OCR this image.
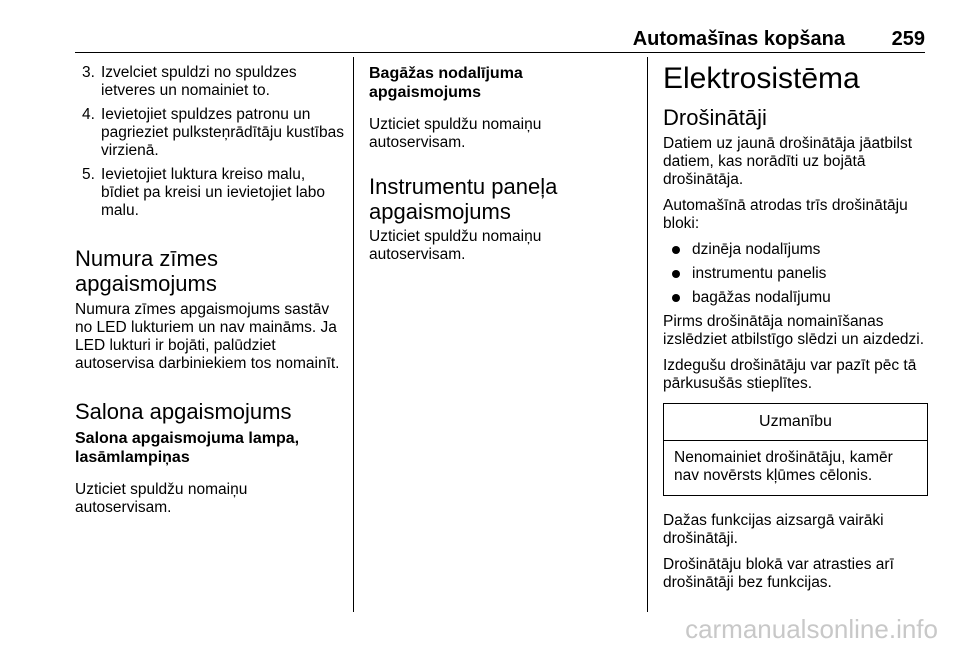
Automašīnas kopšana 259
3. Izvelciet spuldzi no spuldzes ietveres un nomainiet to.
4. Ievietojiet spuldzes patronu un pagrieziet pulksteņrādītāju kustības virzienā.
5. Ievietojiet luktura kreiso malu, bīdiet pa kreisi un ievietojiet labo malu.
Numura zīmes apgaismojums

Numura zīmes apgaismojums sastāv no LED lukturiem un nav maināms. Ja LED lukturi ir bojāti, palūdziet autoservisa darbiniekiem tos nomainīt.

Salona apgaismojums
Salona apgaismojuma lampa, lasāmlampiņas

Uzticiet spuldžu nomaiņu autoservisam.

Bagāžas nodalījuma apgaismojums

Uzticiet spuldžu nomaiņu autoservisam.

Instrumentu paneļa apgaismojums

Uzticiet spuldžu nomaiņu autoservisam.

Elektrosistēma
Drošinātāji

Datiem uz jaunā drošinātāja jāatbilst datiem, kas norādīti uz bojātā drošinātāja.

Automašīnā atrodas trīs drošinātāju bloki:

dzinēja nodalījums
instrumentu panelis
bagāžas nodalījumu

Pirms drošinātāja nomainīšanas izslēdziet atbilstīgo slēdzi un aizdedzi.

Izdegušu drošinātāju var pazīt pēc tā pārkusušās stieplītes.

Uzmanību
Nenomainiet drošinātāju, kamēr nav novērsts kļūmes cēlonis.

Dažas funkcijas aizsargā vairāki drošinātāji.

Drošinātāju blokā var atrasties arī drošinātāji bez funkcijas.

carmanualsonline.info
